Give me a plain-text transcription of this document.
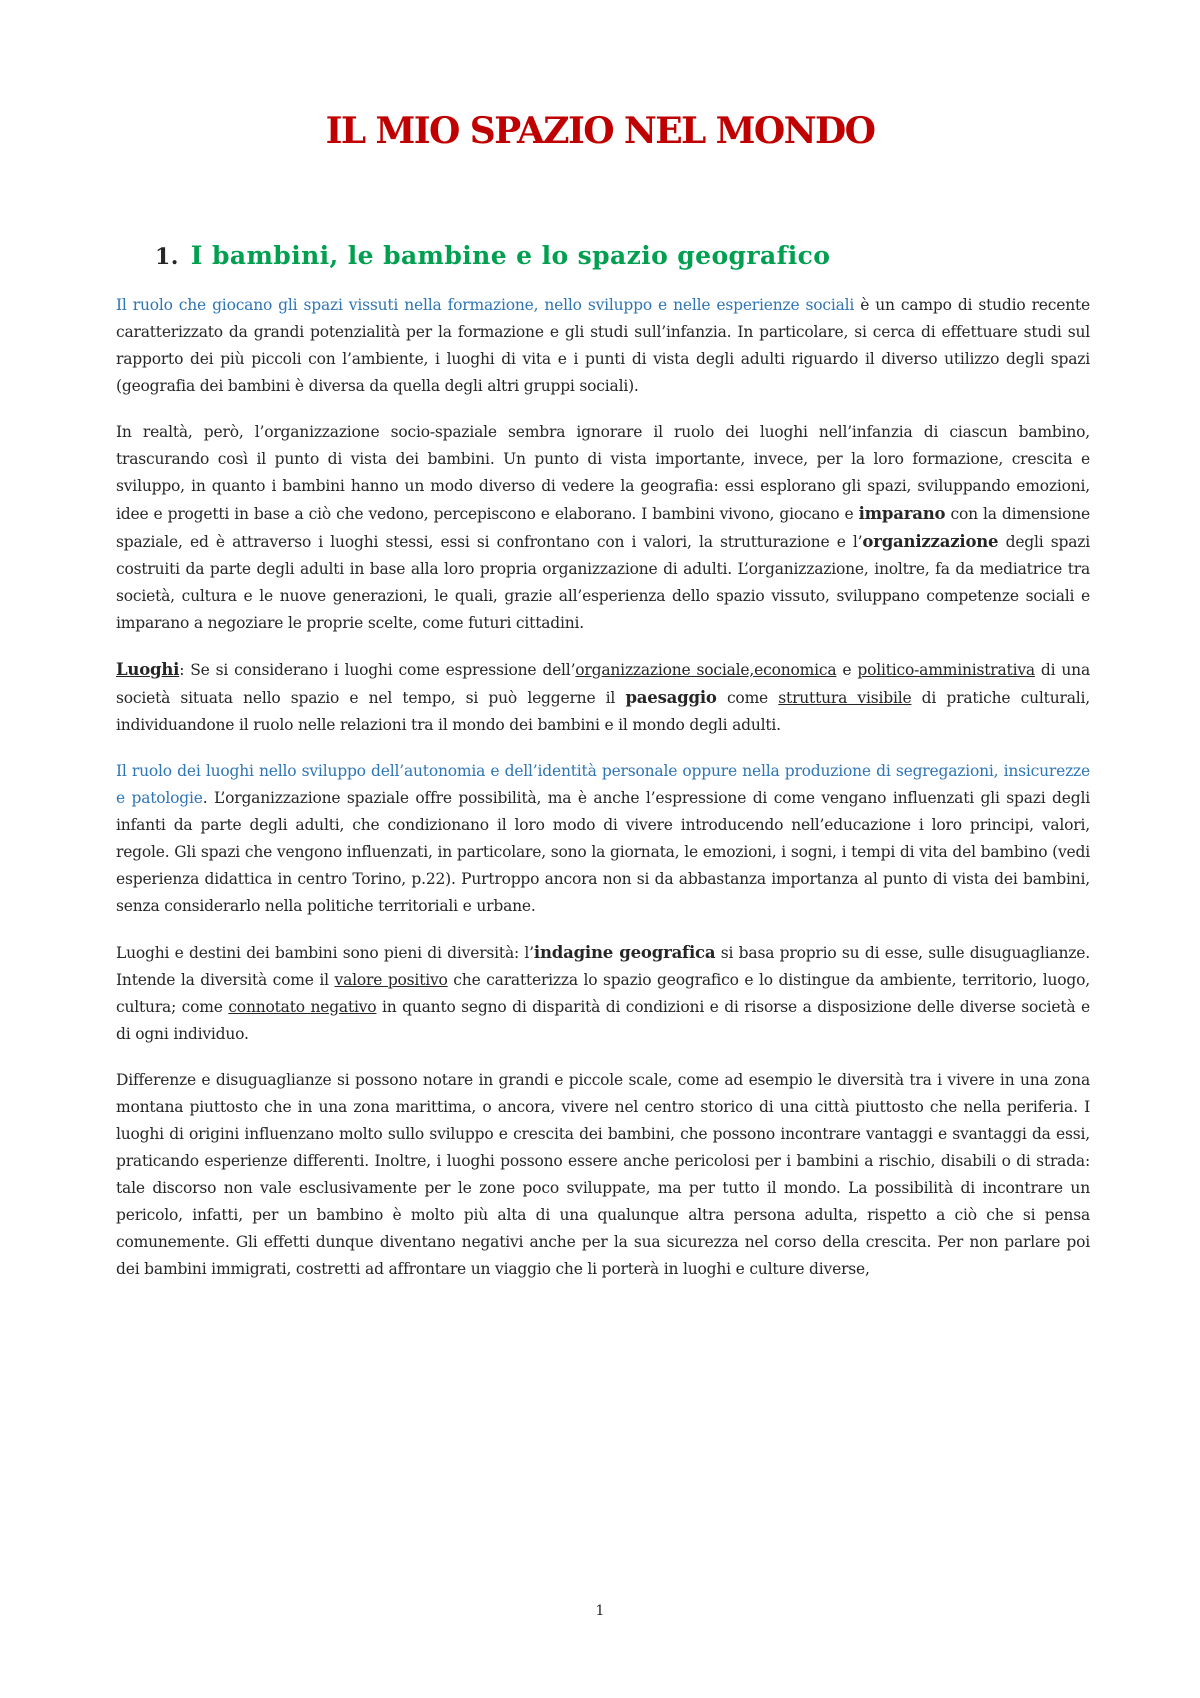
IL MIO SPAZIO NEL MONDO
1. I bambini, le bambine e lo spazio geografico

Il ruolo che giocano gli spazi vissuti nella formazione, nello sviluppo e nelle esperienze sociali è un campo di studio recente caratterizzato da grandi potenzialità per la formazione e gli studi sull’infanzia. In particolare, si cerca di effettuare studi sul rapporto dei più piccoli con l’ambiente, i luoghi di vita e i punti di vista degli adulti riguardo il diverso utilizzo degli spazi (geografia dei bambini è diversa da quella degli altri gruppi sociali).

In realtà, però, l’organizzazione socio-spaziale sembra ignorare il ruolo dei luoghi nell’infanzia di ciascun bambino, trascurando così il punto di vista dei bambini. Un punto di vista importante, invece, per la loro formazione, crescita e sviluppo, in quanto i bambini hanno un modo diverso di vedere la geografia: essi esplorano gli spazi, sviluppando emozioni, idee e progetti in base a ciò che vedono, percepiscono e elaborano. I bambini vivono, giocano e imparano con la dimensione spaziale, ed è attraverso i luoghi stessi, essi si confrontano con i valori, la strutturazione e l’organizzazione degli spazi costruiti da parte degli adulti in base alla loro propria organizzazione di adulti. L’organizzazione, inoltre, fa da mediatrice tra società, cultura e le nuove generazioni, le quali, grazie all’esperienza dello spazio vissuto, sviluppano competenze sociali e imparano a negoziare le proprie scelte, come futuri cittadini.

Luoghi: Se si considerano i luoghi come espressione dell’organizzazione sociale,economica e politico-amministrativa di una società situata nello spazio e nel tempo, si può leggerne il paesaggio come struttura visibile di pratiche culturali, individuandone il ruolo nelle relazioni tra il mondo dei bambini e il mondo degli adulti.

Il ruolo dei luoghi nello sviluppo dell’autonomia e dell’identità personale oppure nella produzione di segregazioni, insicurezze e patologie. L’organizzazione spaziale offre possibilità, ma è anche l’espressione di come vengano influenzati gli spazi degli infanti da parte degli adulti, che condizionano il loro modo di vivere introducendo nell’educazione i loro principi, valori, regole. Gli spazi che vengono influenzati, in particolare, sono la giornata, le emozioni, i sogni, i tempi di vita del bambino (vedi esperienza didattica in centro Torino, p.22). Purtroppo ancora non si da abbastanza importanza al punto di vista dei bambini, senza considerarlo nella politiche territoriali e urbane.

Luoghi e destini dei bambini sono pieni di diversità: l’indagine geografica si basa proprio su di esse, sulle disuguaglianze. Intende la diversità come il valore positivo che caratterizza lo spazio geografico e lo distingue da ambiente, territorio, luogo, cultura; come connotato negativo in quanto segno di disparità di condizioni e di risorse a disposizione delle diverse società e di ogni individuo.

Differenze e disuguaglianze si possono notare in grandi e piccole scale, come ad esempio le diversità tra i vivere in una zona montana piuttosto che in una zona marittima, o ancora, vivere nel centro storico di una città piuttosto che nella periferia. I luoghi di origini influenzano molto sullo sviluppo e crescita dei bambini, che possono incontrare vantaggi e svantaggi da essi, praticando esperienze differenti. Inoltre, i luoghi possono essere anche pericolosi per i bambini a rischio, disabili o di strada: tale discorso non vale esclusivamente per le zone poco sviluppate, ma per tutto il mondo. La possibilità di incontrare un pericolo, infatti, per un bambino è molto più alta di una qualunque altra persona adulta, rispetto a ciò che si pensa comunemente. Gli effetti dunque diventano negativi anche per la sua sicurezza nel corso della crescita. Per non parlare poi dei bambini immigrati, costretti ad affrontare un viaggio che li porterà in luoghi e culture diverse,

1
